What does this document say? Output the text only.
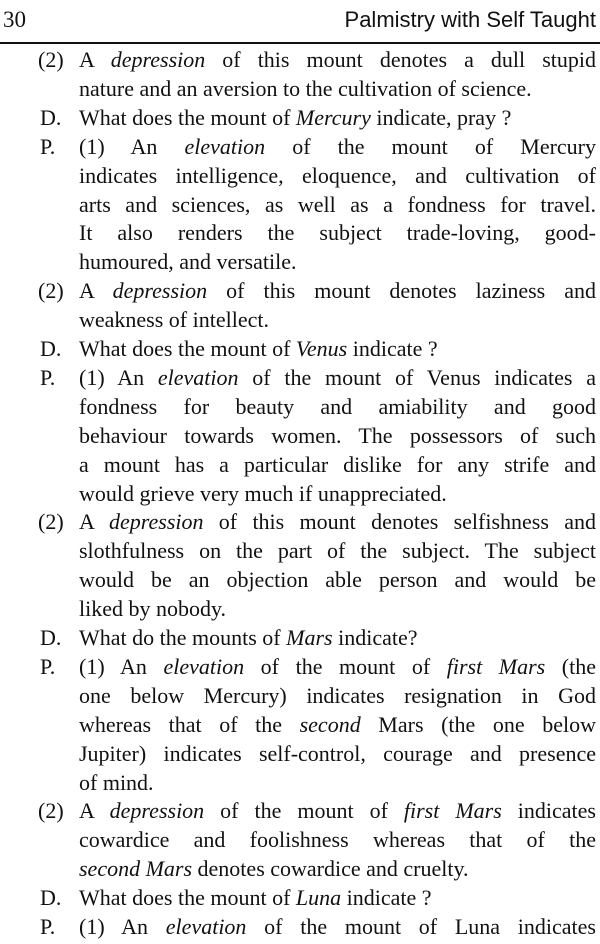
30	Palmistry with Self Taught
(2) A depression of this mount denotes a dull stupid
nature and an aversion to the cultivation of science.
D. What does the mount of Mercury indicate, pray ?
P. (1) An elevation of the mount of Mercury
indicates intelligence, eloquence, and cultivation of
arts and sciences, as well as a fondness for travel.
It also renders the subject trade-loving, good-
humoured, and versatile.
(2) A depression of this mount denotes laziness and
weakness of intellect.
D. What does the mount of Venus indicate ?
P. (1) An elevation of the mount of Venus indicates a
fondness for beauty and amiability and good
behaviour towards women. The possessors of such
a mount has a particular dislike for any strife and
would grieve very much if unappreciated.
(2) A depression of this mount denotes selfishness and
slothfulness on the part of the subject. The subject
would be an objection able person and would be
liked by nobody.
D. What do the mounts of Mars indicate?
P. (1) An elevation of the mount of first Mars (the
one below Mercury) indicates resignation in God
whereas that of the second Mars (the one below
Jupiter) indicates self-control, courage and presence
of mind.
(2) A depression of the mount of first Mars indicates
cowardice and foolishness whereas that of the
second Mars denotes cowardice and cruelty.
D. What does the mount of Luna indicate ?
P. (1) An elevation of the mount of Luna indicates
